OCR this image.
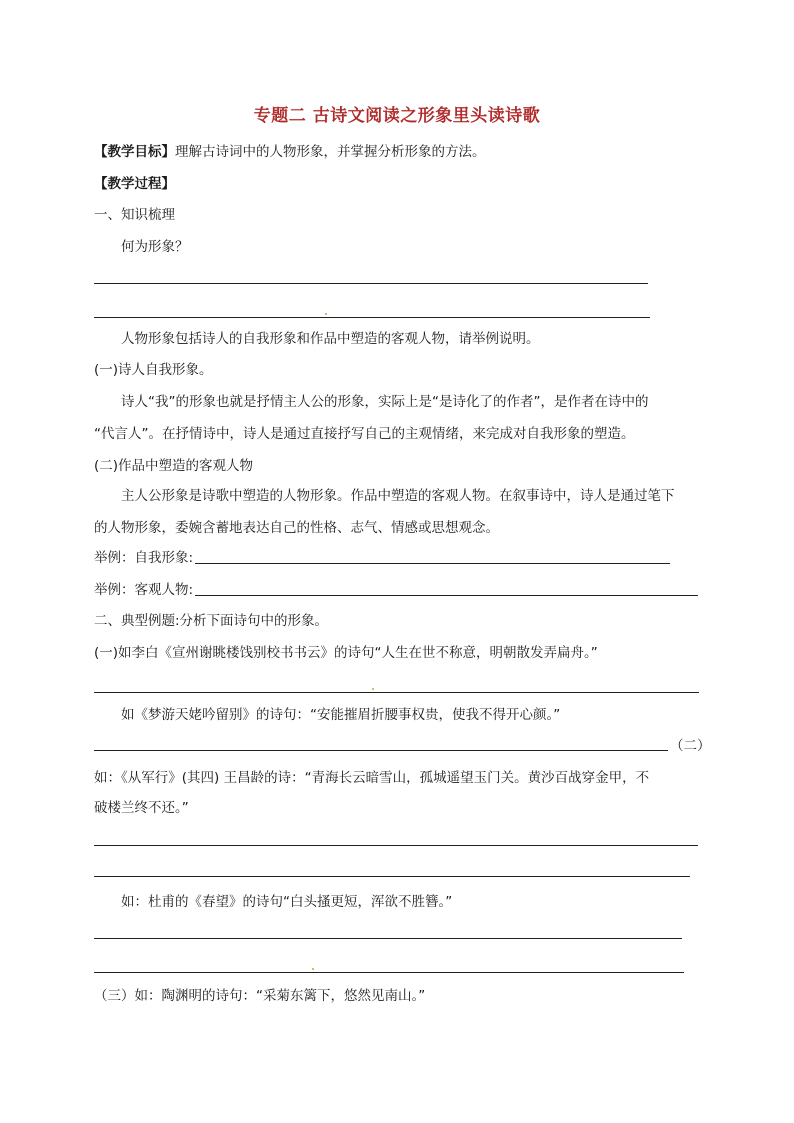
专题二 古诗文阅读之形象里头读诗歌
【教学目标】理解古诗词中的人物形象，并掌握分析形象的方法。
【教学过程】
一、知识梳理
何为形象？
人物形象包括诗人的自我形象和作品中塑造的客观人物，请举例说明。
(一)诗人自我形象。
诗人“我”的形象也就是抒情主人公的形象，实际上是“是诗化了的作者”，是作者在诗中的
“代言人”。在抒情诗中，诗人是通过直接抒写自己的主观情绪，来完成对自我形象的塑造。
(二)作品中塑造的客观人物
主人公形象是诗歌中塑造的人物形象。作品中塑造的客观人物。在叙事诗中，诗人是通过笔下
的人物形象，委婉含蓄地表达自己的性格、志气、情感或思想观念。
举例：自我形象:
举例：客观人物:
二、典型例题:分析下面诗句中的形象。
(一)如李白《宣州谢眺楼饯别校书书云》的诗句“人生在世不称意，明朝散发弄扁舟。”
如《梦游天姥吟留别》的诗句：“安能摧眉折腰事权贵，使我不得开心颜。”
（二）
如：《从军行》(其四) 王昌龄的诗：“青海长云暗雪山，孤城遥望玉门关。黄沙百战穿金甲，不
破楼兰终不还。”
如：杜甫的《春望》的诗句“白头搔更短，浑欲不胜簪。”
（三）如：陶渊明的诗句：“采菊东篱下，悠然见南山。”
